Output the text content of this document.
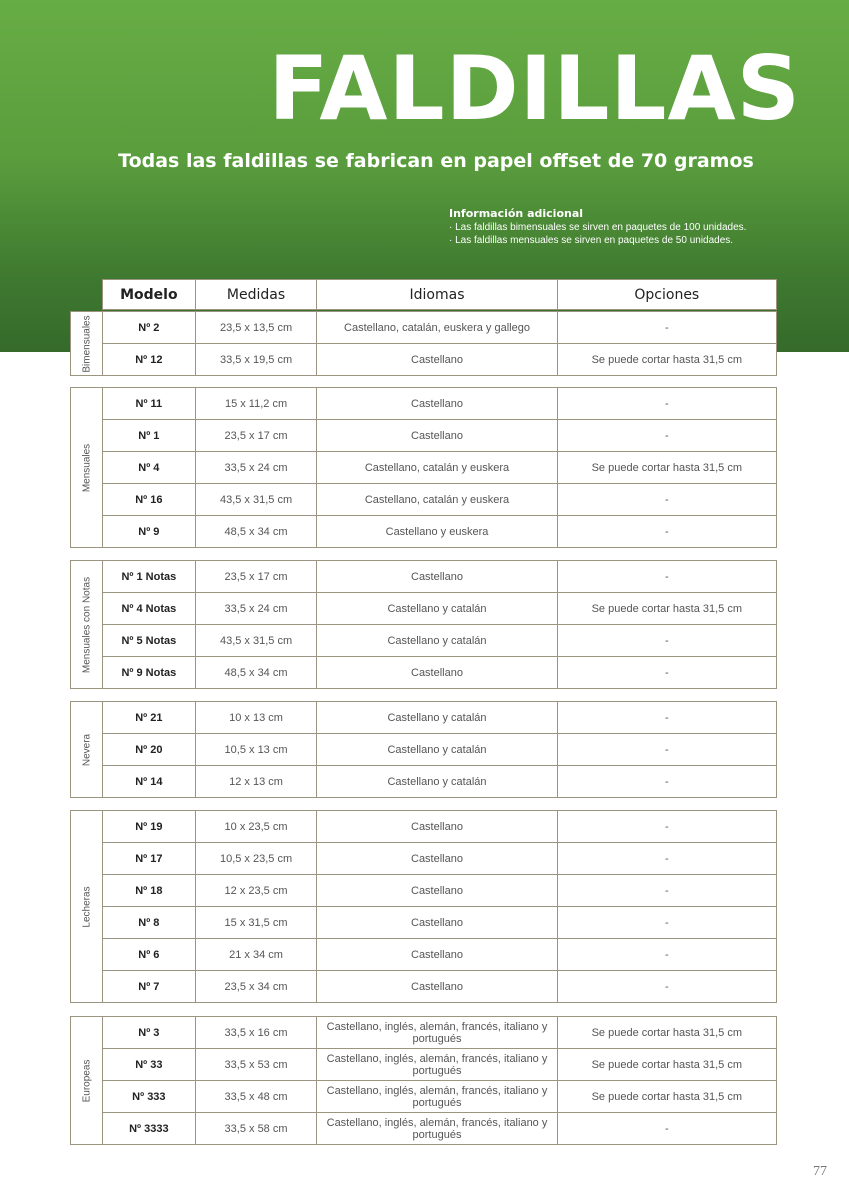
FALDILLAS

Todas las faldillas se fabrican en papel offset de 70 gramos

Información adicional
· Las faldillas bimensuales se sirven en paquetes de 100 unidades.
· Las faldillas mensuales se sirven en paquetes de 50 unidades.
Modelo	Medidas	Idiomas	Opciones
Bimensuales	Nº 2	23,5 x 13,5 cm	Castellano, catalán, euskera y gallego	-
Nº 12	33,5 x 19,5 cm	Castellano	Se puede cortar hasta 31,5 cm
Mensuales
Nº 11	15 x 11,2 cm	Castellano	-
Nº 1	23,5 x 17 cm	Castellano	-
Nº 4	33,5 x 24 cm	Castellano, catalán y euskera	Se puede cortar hasta 31,5 cm
Nº 16	43,5 x 31,5 cm	Castellano, catalán y euskera	-
Nº 9	48,5 x 34 cm	Castellano y euskera	-
Mensuales con Notas	Nº 1 Notas	23,5 x 17 cm	Castellano	-
Nº 4 Notas	33,5 x 24 cm	Castellano y catalán	Se puede cortar hasta 31,5 cm
Nº 5 Notas	43,5 x 31,5 cm	Castellano y catalán	-
Nº 9 Notas	48,5 x 34 cm	Castellano	-
Nevera
Nº 21	10 x 13 cm	Castellano y catalán	-
Nº 20	10,5 x 13 cm	Castellano y catalán	-
Nº 14	12 x 13 cm	Castellano y catalán	-
Lecheras
Nº 19	10 x 23,5 cm	Castellano	-
Nº 17	10,5 x 23,5 cm	Castellano	-
Nº 18	12 x 23,5 cm	Castellano	-
Nº 8	15 x 31,5 cm	Castellano	-
Nº 6	21 x 34 cm	Castellano	-
Nº 7	23,5 x 34 cm	Castellano	-
Europeas
Nº 3	33,5 x 16 cm	Castellano, inglés, alemán, francés, italiano y portugués	Se puede cortar hasta 31,5 cm
Nº 33	33,5 x 53 cm	Castellano, inglés, alemán, francés, italiano y portugués	Se puede cortar hasta 31,5 cm
Nº 333	33,5 x 48 cm	Castellano, inglés, alemán, francés, italiano y portugués	Se puede cortar hasta 31,5 cm
Nº 3333	33,5 x 58 cm	Castellano, inglés, alemán, francés, italiano y portugués	-
77
